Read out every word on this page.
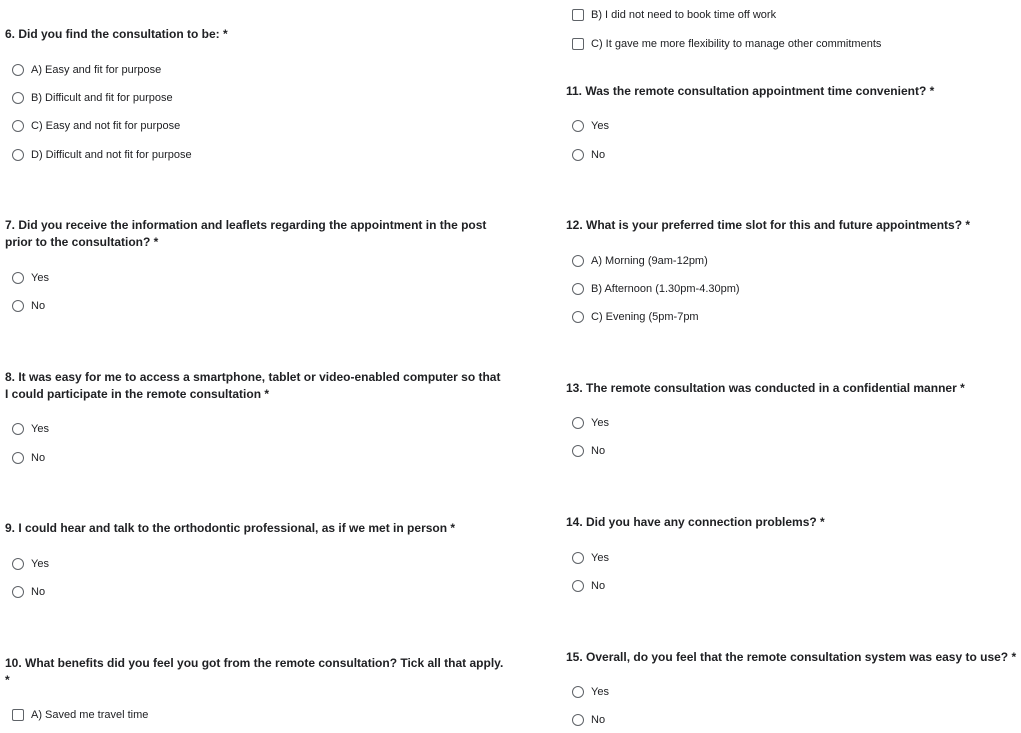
B) I did not need to book time off work
C) It gave me more flexibility to manage other commitments
6. Did you find the consultation to be: *
A) Easy and fit for purpose
B) Difficult and fit for purpose
C) Easy and not fit for purpose
D) Difficult and not fit for purpose
7. Did you receive the information and leaflets regarding the appointment in the post
prior to the consultation? *
Yes
No
8. It was easy for me to access a smartphone, tablet or video-enabled computer so that
I could participate in the remote consultation *
Yes
No
9. I could hear and talk to the orthodontic professional, as if we met in person *
Yes
No
10. What benefits did you feel you got from the remote consultation? Tick all that apply.
*
A) Saved me travel time
11. Was the remote consultation appointment time convenient? *
Yes
No
12. What is your preferred time slot for this and future appointments? *
A) Morning (9am-12pm)
B) Afternoon (1.30pm-4.30pm)
C) Evening (5pm-7pm
13. The remote consultation was conducted in a confidential manner *
Yes
No
14. Did you have any connection problems? *
Yes
No
15. Overall, do you feel that the remote consultation system was easy to use? *
Yes
No
